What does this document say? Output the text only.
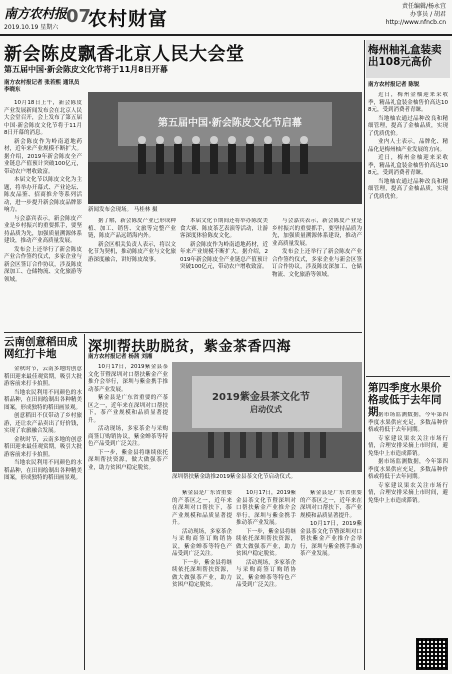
南方农村报
2019.10.19 星期六
07
农村财富
责任编辑/杨永宜
办事员 / 胡君
http://www.nfncb.cn
新会陈皮飘香北京人民大会堂
第五届中国·新会陈皮文化节将于11月8日开幕
南方农村报记者 张若熙 通讯员 李晓东

10月18日上午，新会陈皮产业发展新闻发布会在北京人民大会堂召开，会上发布了第五届中国·新会陈皮文化节将于11月8日开幕的消息。

新会陈皮作为岭南道地药材，近年来产业规模不断扩大。据介绍，2019年新会陈皮全产业链总产值预计突破100亿元，带动农户增收致富。

本届文化节以陈皮文化为主题，将举办开幕式、产业论坛、陈皮品鉴、招商推介等系列活动，进一步提升新会陈皮品牌影响力。

与会嘉宾表示，新会陈皮产业是乡村振兴的重要抓手，要坚持品质为先，加强质量溯源体系建设，推动产业高质量发展。

发布会上还举行了新会陈皮产业合作签约仪式，多家企业与新会区签订合作协议，涉及陈皮深加工、仓储物流、文化旅游等领域。

第五届中国·新会陈皮文化节启幕
新闻发布会现场。 马桂林 摄

据了解，新会陈皮产业已形成种植、加工、销售、文旅等完整产业链，陈皮产品远销海内外。

新会区相关负责人表示，将以文化节为契机，推动陈皮产业与文化旅游深度融合，讲好陈皮故事。

本届文化节期间还将举办陈皮美食大赛、陈皮茶艺表演等活动，让游客深度体验陈皮文化。

新会陈皮作为岭南道地药材，近年来产业规模不断扩大。据介绍，2019年新会陈皮全产业链总产值预计突破100亿元，带动农户增收致富。

与会嘉宾表示，新会陈皮产业是乡村振兴的重要抓手，要坚持品质为先，加强质量溯源体系建设，推动产业高质量发展。

发布会上还举行了新会陈皮产业合作签约仪式，多家企业与新会区签订合作协议，涉及陈皮深加工、仓储物流、文化旅游等领域。

梅州柚礼盒装卖出108元高价
南方农村报记者 陈锐

近日，梅州金柚迎来采收季，精品礼盒装金柚售价高达108元，受到消费者青睐。

当地柚农通过品种改良和精细管理，提高了金柚品质，实现了优质优价。

业内人士表示，品牌化、精品化是梅州柚产业发展的方向。

近日，梅州金柚迎来采收季，精品礼盒装金柚售价高达108元，受到消费者青睐。

当地柚农通过品种改良和精细管理，提高了金柚品质，实现了优质优价。

云南创意稻田成网红打卡地

金秋时节，云南多地的创意稻田迎来最佳观赏期，吸引大批游客前来打卡拍照。

当地农民利用不同颜色的水稻品种，在田间绘制出各种精美图案，形成独特的稻田画景观。

创意稻田不仅带动了乡村旅游，还让农产品卖出了好价钱，实现了农旅融合发展。

金秋时节，云南多地的创意稻田迎来最佳观赏期，吸引大批游客前来打卡拍照。

当地农民利用不同颜色的水稻品种，在田间绘制出各种精美图案，形成独特的稻田画景观。

深圳帮扶助脱贫，紫金茶香四海
南方农村报记者 杨茜 刘湘

10月17日，2019紫金县茶文化节暨深圳对口帮扶紫金产业推介会举行，深圳与紫金携手推动茶产业发展。

紫金县是广东省重要的产茶区之一，近年来在深圳对口帮扶下，茶产业规模和品质显著提升。

活动现场，多家茶企与采购商签订购销协议，紫金蝉茶等特色产品受到广泛关注。

下一步，紫金县将继续依托深圳帮扶资源，做大做强茶产业，助力贫困户稳定脱贫。

2019紫金县茶文化节
启动仪式
深圳帮扶紫金助推2019紫金县茶文化节启动仪式。

紫金县是广东省重要的产茶区之一，近年来在深圳对口帮扶下，茶产业规模和品质显著提升。

活动现场，多家茶企与采购商签订购销协议，紫金蝉茶等特色产品受到广泛关注。

下一步，紫金县将继续依托深圳帮扶资源，做大做强茶产业，助力贫困户稳定脱贫。

10月17日，2019紫金县茶文化节暨深圳对口帮扶紫金产业推介会举行，深圳与紫金携手推动茶产业发展。

下一步，紫金县将继续依托深圳帮扶资源，做大做强茶产业，助力贫困户稳定脱贫。

活动现场，多家茶企与采购商签订购销协议，紫金蝉茶等特色产品受到广泛关注。

紫金县是广东省重要的产茶区之一，近年来在深圳对口帮扶下，茶产业规模和品质显著提升。

10月17日，2019紫金县茶文化节暨深圳对口帮扶紫金产业推介会举行，深圳与紫金携手推动茶产业发展。

第四季度水果价格或低于去年同期 据市场监测数据，今年第四季度水果供应充足，多数品种价格或将低于去年同期。

专家建议果农关注市场行情，合理安排采摘上市时间，避免集中上市造成滞销。

据市场监测数据，今年第四季度水果供应充足，多数品种价格或将低于去年同期。

专家建议果农关注市场行情，合理安排采摘上市时间，避免集中上市造成滞销。
